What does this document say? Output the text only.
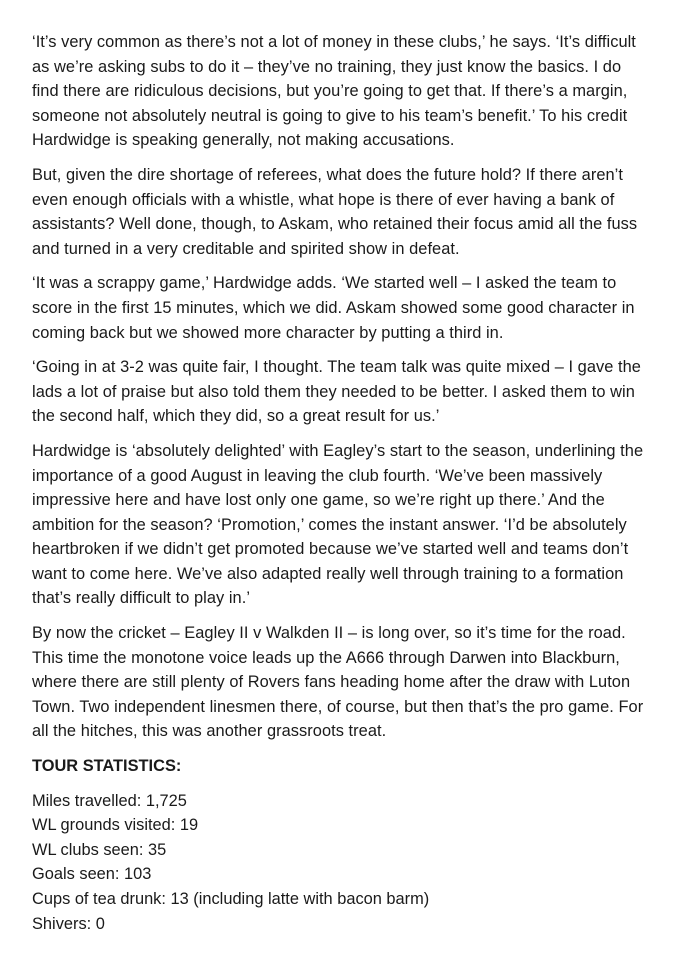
‘It’s very common as there’s not a lot of money in these clubs,’ he says. ‘It’s difficult as we’re asking subs to do it – they’ve no training, they just know the basics. I do find there are ridiculous decisions, but you’re going to get that. If there’s a margin, someone not absolutely neutral is going to give to his team’s benefit.’ To his credit Hardwidge is speaking generally, not making accusations.

But, given the dire shortage of referees, what does the future hold? If there aren’t even enough officials with a whistle, what hope is there of ever having a bank of assistants? Well done, though, to Askam, who retained their focus amid all the fuss and turned in a very creditable and spirited show in defeat.

‘It was a scrappy game,’ Hardwidge adds. ‘We started well – I asked the team to score in the first 15 minutes, which we did. Askam showed some good character in coming back but we showed more character by putting a third in.

‘Going in at 3-2 was quite fair, I thought. The team talk was quite mixed – I gave the lads a lot of praise but also told them they needed to be better. I asked them to win the second half, which they did, so a great result for us.’

Hardwidge is ‘absolutely delighted’ with Eagley’s start to the season, underlining the importance of a good August in leaving the club fourth. ‘We’ve been massively impressive here and have lost only one game, so we’re right up there.’ And the ambition for the season? ‘Promotion,’ comes the instant answer. ‘I’d be absolutely heartbroken if we didn’t get promoted because we’ve started well and teams don’t want to come here. We’ve also adapted really well through training to a formation that’s really difficult to play in.’

By now the cricket – Eagley II v Walkden II – is long over, so it’s time for the road. This time the monotone voice leads up the A666 through Darwen into Blackburn, where there are still plenty of Rovers fans heading home after the draw with Luton Town. Two independent linesmen there, of course, but then that’s the pro game. For all the hitches, this was another grassroots treat.

TOUR STATISTICS:
Miles travelled: 1,725
WL grounds visited: 19
WL clubs seen: 35
Goals seen: 103
Cups of tea drunk: 13 (including latte with bacon barm)
Shivers: 0
